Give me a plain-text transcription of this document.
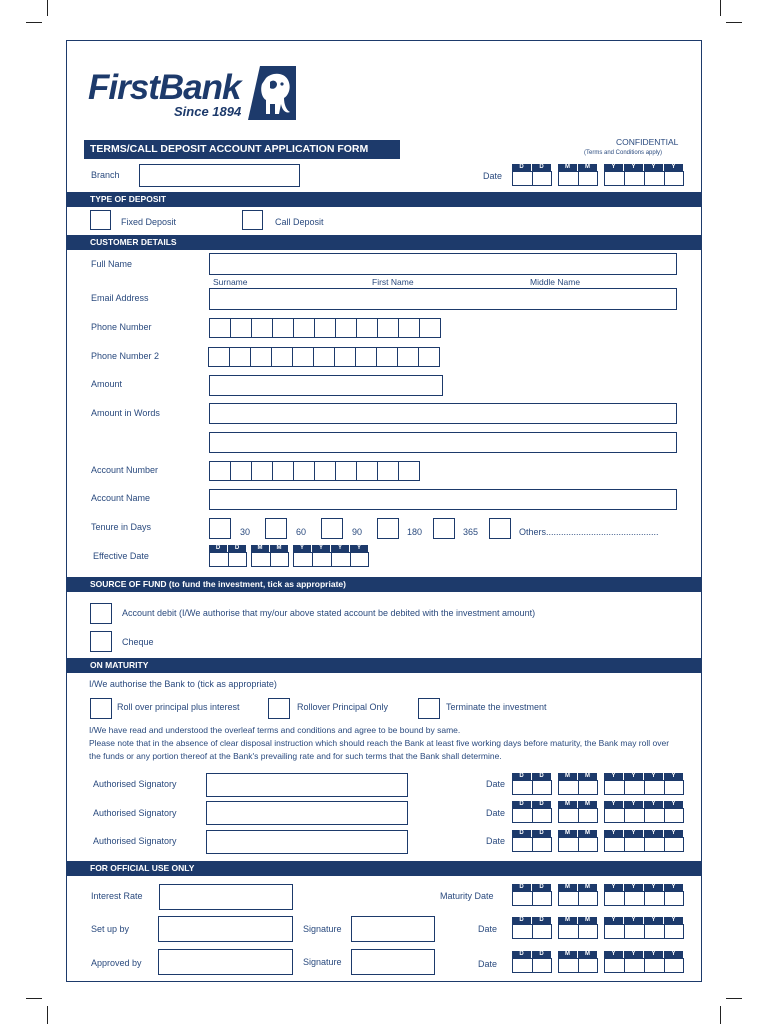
FirstBank
Since 1894
TERMS/CALL DEPOSIT ACCOUNT APPLICATION FORM
CONFIDENTIAL
(Terms and Conditions apply)
Branch	Date
D	D	M	M	Y	Y	Y	Y
TYPE OF DEPOSIT
Fixed Deposit	Call Deposit
CUSTOMER DETAILS
Full Name
Surname	First Name	Middle Name
Email Address
Phone Number
Phone Number 2
Amount
Amount in Words
Account Number
Account Name
Tenure in Days	30	60	90	180	365	Others.............................................
Effective Date
D	D	M	M	Y	Y	Y	Y
SOURCE OF FUND (to fund the investment, tick as appropriate)
Account debit (I/We authorise that my/our above stated account be debited with the investment amount)
Cheque
ON MATURITY
I/We authorise the Bank to (tick as appropriate)
Roll over principal plus interest	Rollover Principal Only	Terminate the investment
I/We have read and understood the overleaf terms and conditions and agree to be bound by same.
Please note that in the absence of clear disposal instruction which should reach the Bank at least five working days before maturity, the Bank may roll over the funds or any portion thereof at the Bank's prevailing rate and for such terms that the Bank shall determine.
Authorised Signatory	Date
D	D	M	M	Y	Y	Y	Y
Authorised Signatory	Date
D	D	M	M	Y	Y	Y	Y
Authorised Signatory	Date
D	D	M	M	Y	Y	Y	Y
FOR OFFICIAL USE ONLY
Interest Rate	Maturity Date
D	D	M	M	Y	Y	Y	Y
Set up by	Signature	Date
D	D	M	M	Y	Y	Y	Y
Approved by	Signature	Date
D	D	M	M	Y	Y	Y	Y
